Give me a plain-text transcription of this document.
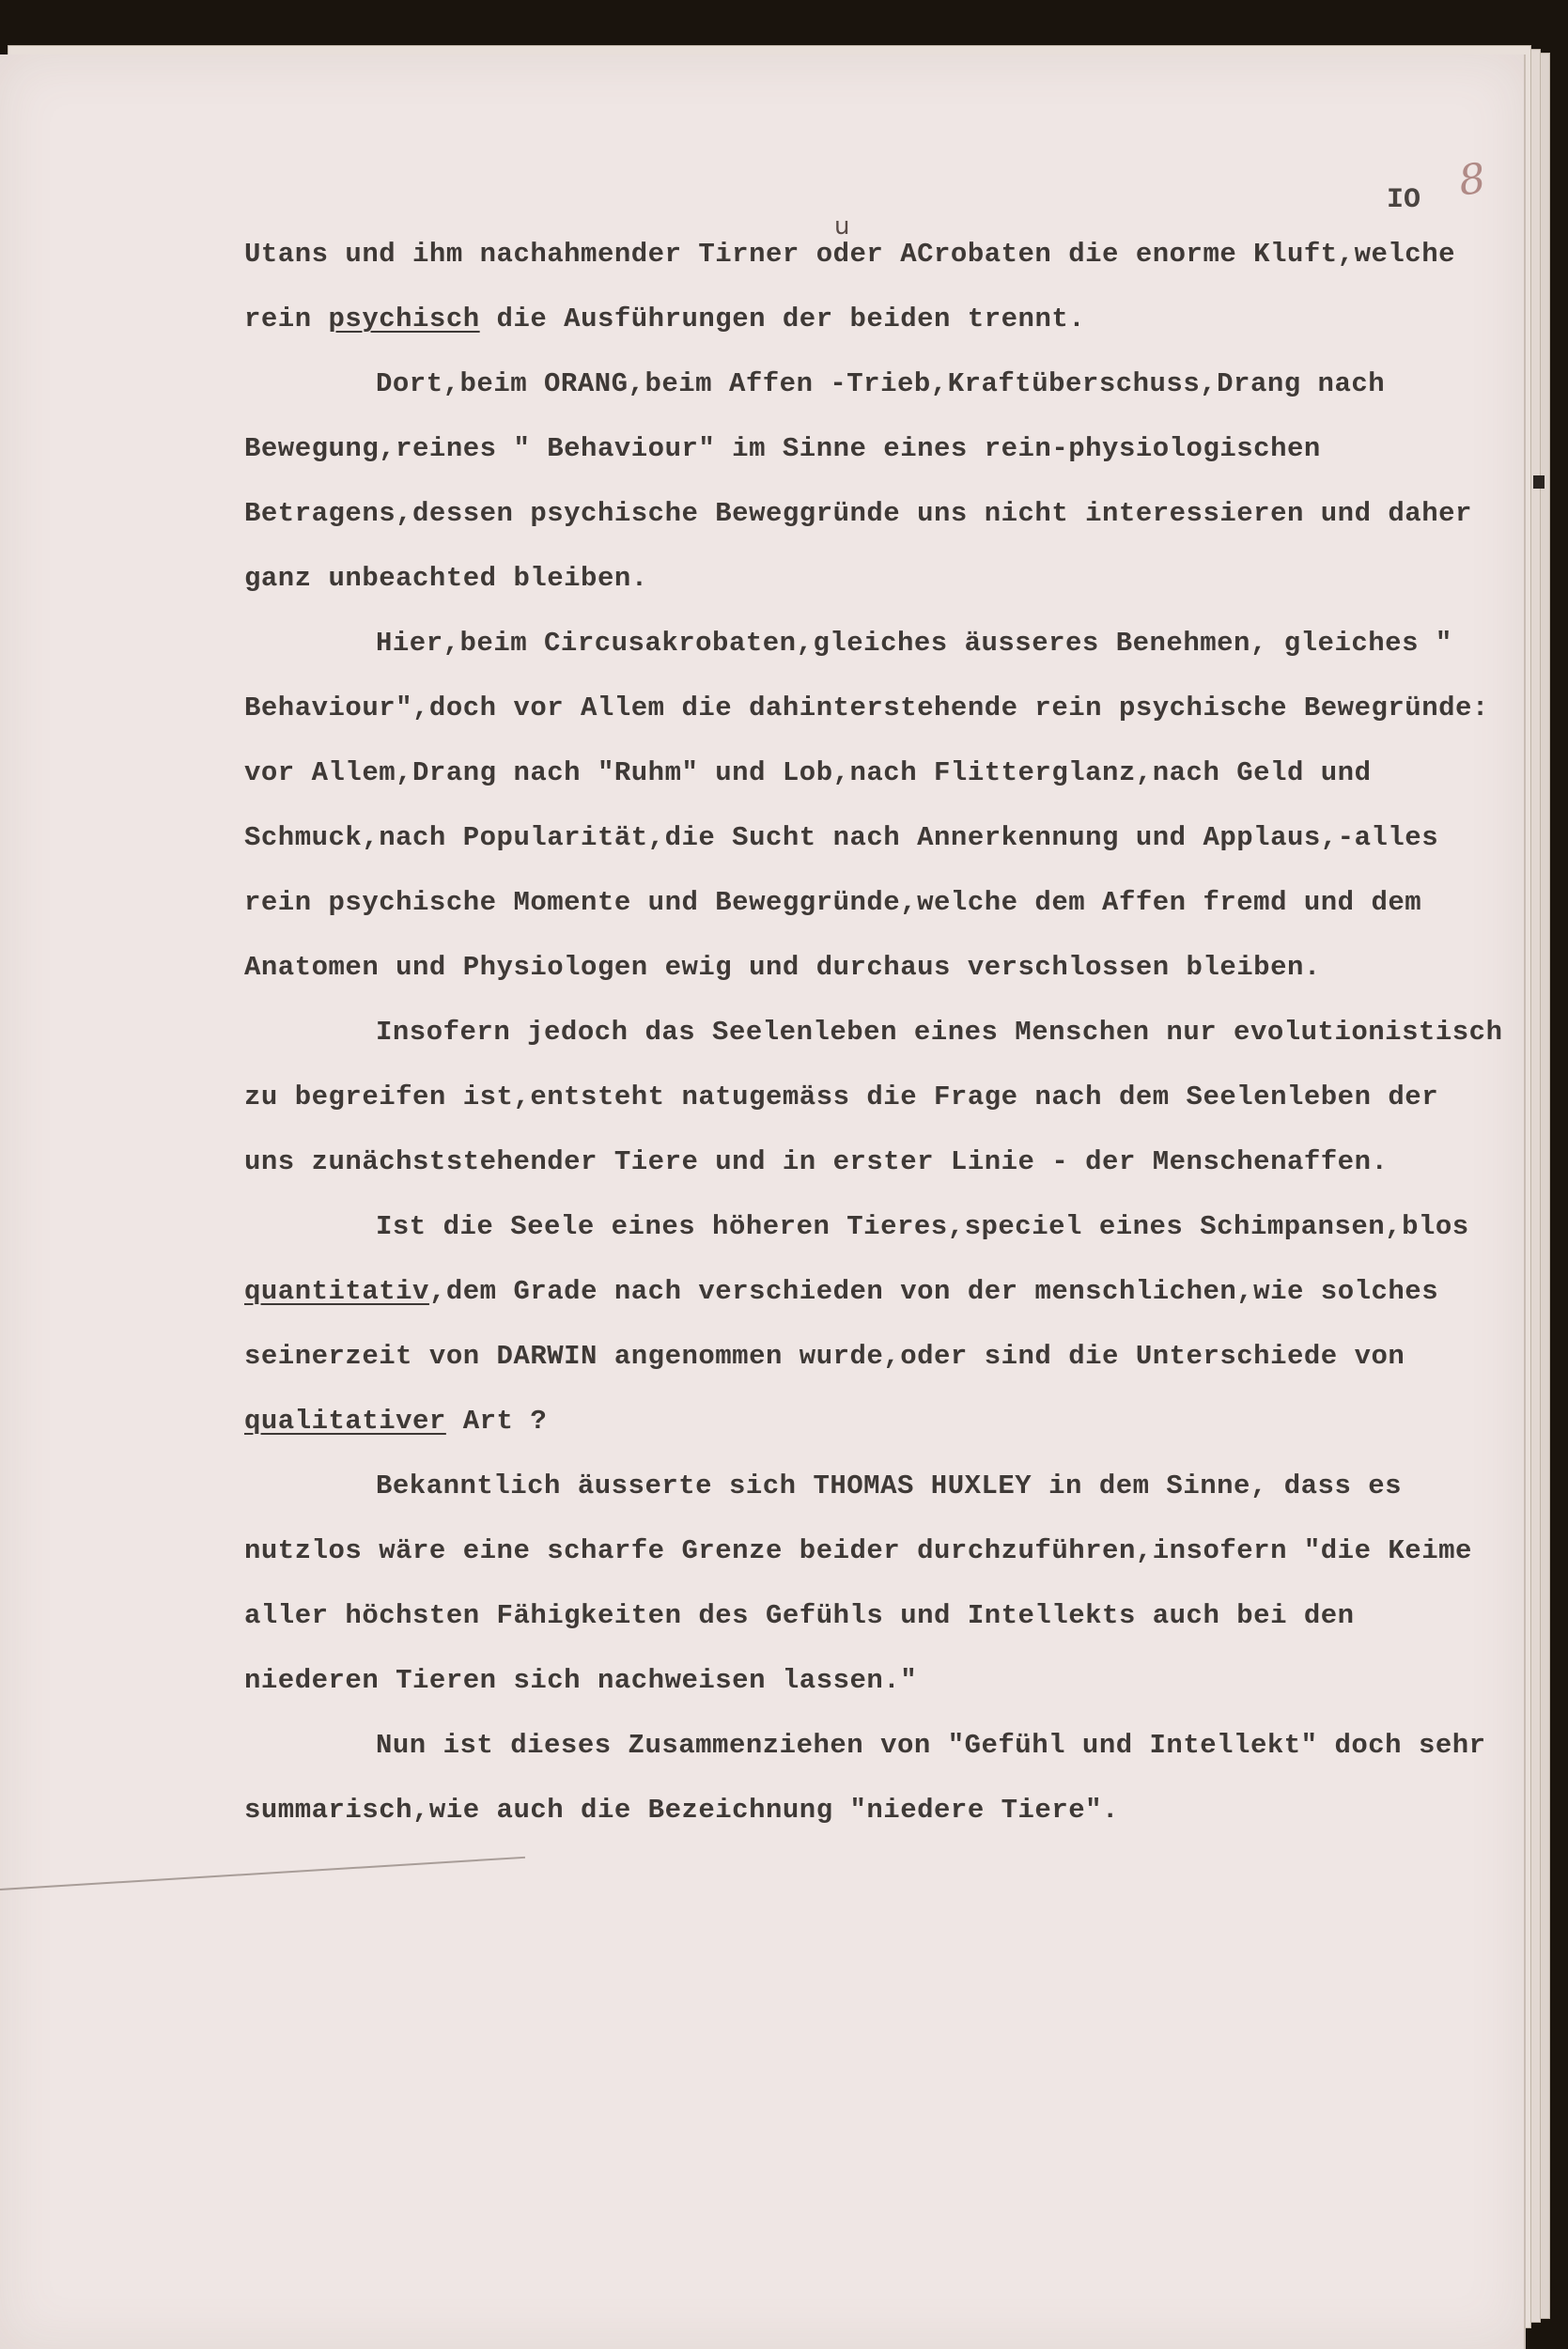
IO 8
u

Utans und ihm nachahmender Tirner oder ACrobaten die enorme Kluft,welche rein psychisch die Ausführungen der beiden trennt.

Dort,beim ORANG,beim Affen -Trieb,Kraftüberschuss,Drang nach Bewegung,reines " Behaviour" im Sinne eines rein-physiologischen Betragens,dessen psychische Beweggründe uns nicht interessieren und daher ganz unbeachted bleiben.

Hier,beim Circusakrobaten,gleiches äusseres Benehmen, gleiches " Behaviour",doch vor Allem die dahinterstehende rein psychische Bewegründe: vor Allem,Drang nach "Ruhm" und Lob,nach Flitterglanz,nach Geld und Schmuck,nach Popularität,die Sucht nach Annerkennung und Applaus,-alles rein psychische Momente und Beweggründe,welche dem Affen fremd und dem Anatomen und Physiologen ewig und durchaus verschlossen bleiben.

Insofern jedoch das Seelenleben eines Menschen nur evolutionistisch zu begreifen ist,entsteht natugemäss die Frage nach dem Seelenleben der uns zunächststehender Tiere und in erster Linie - der Menschenaffen.

Ist die Seele eines höheren Tieres,speciel eines Schimpansen,blos quantitativ,dem Grade nach verschieden von der menschlichen,wie solches seinerzeit von DARWIN angenommen wurde,oder sind die Unterschiede von qualitativer Art ?

Bekanntlich äusserte sich THOMAS HUXLEY in dem Sinne, dass es nutzlos wäre eine scharfe Grenze beider durchzuführen,insofern "die Keime aller höchsten Fähigkeiten des Gefühls und Intellekts auch bei den niederen Tieren sich nachweisen lassen."

Nun ist dieses Zusammenziehen von "Gefühl und Intellekt" doch sehr summarisch,wie auch die Bezeichnung "niedere Tiere".
